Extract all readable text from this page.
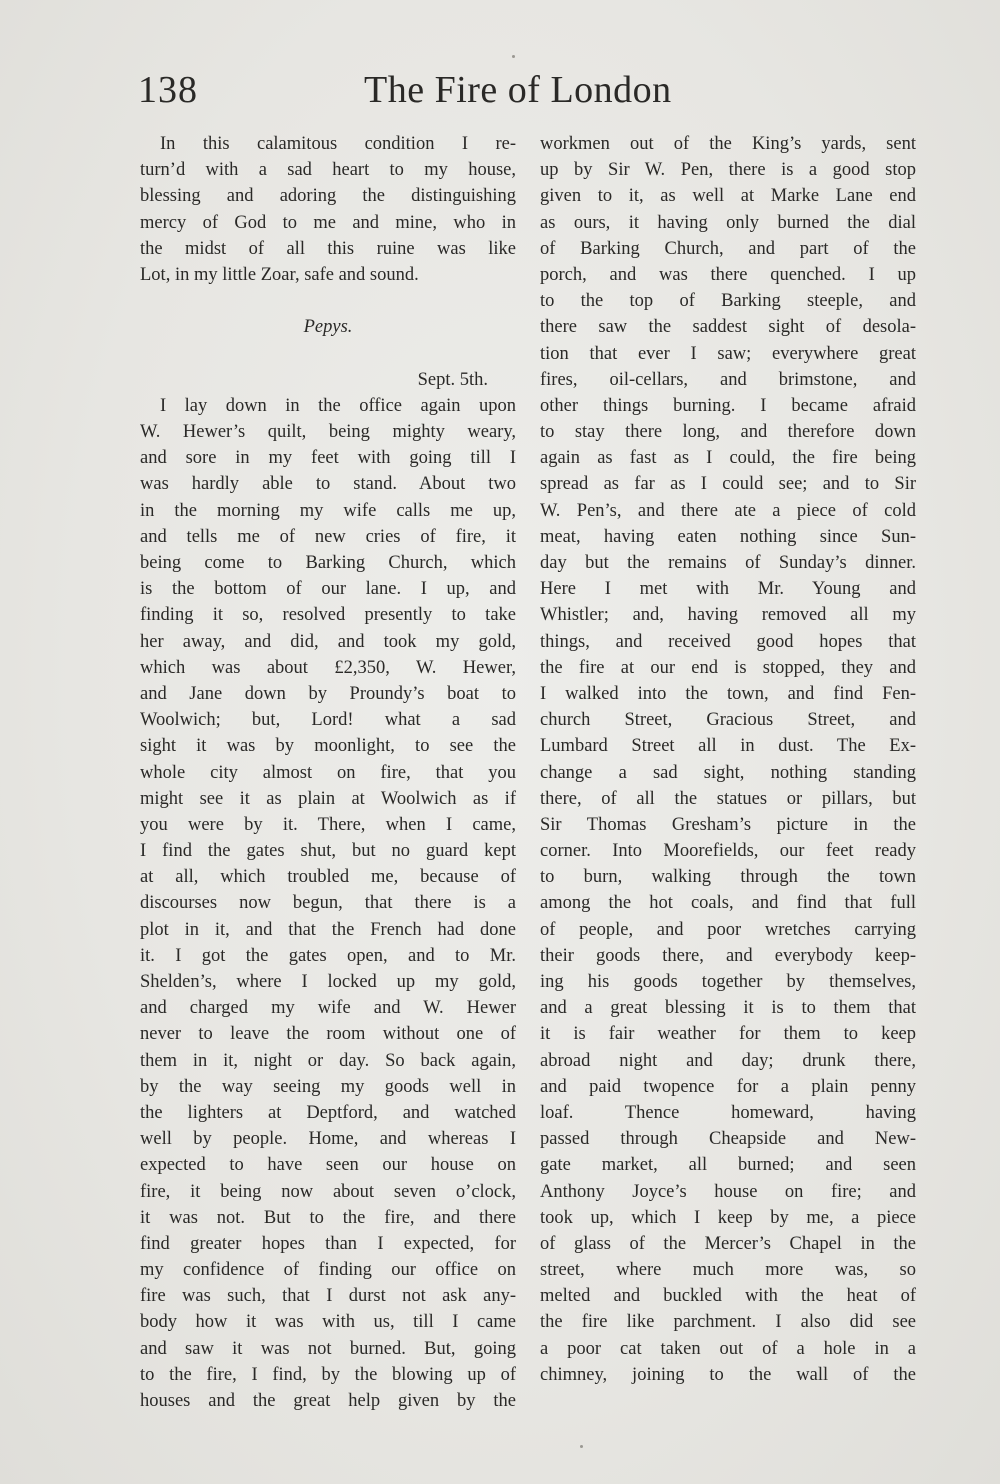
138	The Fire of London
In this calamitous condition I re-
turn’d with a sad heart to my house,
blessing and adoring the distinguishing
mercy of God to me and mine, who in
the midst of all this ruine was like
Lot, in my little Zoar, safe and sound.
Pepys.
Sept. 5th.
I lay down in the office again upon
W. Hewer’s quilt, being mighty weary,
and sore in my feet with going till I
was hardly able to stand. About two
in the morning my wife calls me up,
and tells me of new cries of fire, it
being come to Barking Church, which
is the bottom of our lane. I up, and
finding it so, resolved presently to take
her away, and did, and took my gold,
which was about £2,350, W. Hewer,
and Jane down by Proundy’s boat to
Woolwich; but, Lord! what a sad
sight it was by moonlight, to see the
whole city almost on fire, that you
might see it as plain at Woolwich as if
you were by it. There, when I came,
I find the gates shut, but no guard kept
at all, which troubled me, because of
discourses now begun, that there is a
plot in it, and that the French had done
it. I got the gates open, and to Mr.
Shelden’s, where I locked up my gold,
and charged my wife and W. Hewer
never to leave the room without one of
them in it, night or day. So back again,
by the way seeing my goods well in
the lighters at Deptford, and watched
well by people. Home, and whereas I
expected to have seen our house on
fire, it being now about seven o’clock,
it was not. But to the fire, and there
find greater hopes than I expected, for
my confidence of finding our office on
fire was such, that I durst not ask any-
body how it was with us, till I came
and saw it was not burned. But, going
to the fire, I find, by the blowing up of
houses and the great help given by the
workmen out of the King’s yards, sent
up by Sir W. Pen, there is a good stop
given to it, as well at Marke Lane end
as ours, it having only burned the dial
of Barking Church, and part of the
porch, and was there quenched. I up
to the top of Barking steeple, and
there saw the saddest sight of desola-
tion that ever I saw; everywhere great
fires, oil-cellars, and brimstone, and
other things burning. I became afraid
to stay there long, and therefore down
again as fast as I could, the fire being
spread as far as I could see; and to Sir
W. Pen’s, and there ate a piece of cold
meat, having eaten nothing since Sun-
day but the remains of Sunday’s dinner.
Here I met with Mr. Young and
Whistler; and, having removed all my
things, and received good hopes that
the fire at our end is stopped, they and
I walked into the town, and find Fen-
church Street, Gracious Street, and
Lumbard Street all in dust. The Ex-
change a sad sight, nothing standing
there, of all the statues or pillars, but
Sir Thomas Gresham’s picture in the
corner. Into Moorefields, our feet ready
to burn, walking through the town
among the hot coals, and find that full
of people, and poor wretches carrying
their goods there, and everybody keep-
ing his goods together by themselves,
and a great blessing it is to them that
it is fair weather for them to keep
abroad night and day; drunk there,
and paid twopence for a plain penny
loaf. Thence homeward, having
passed through Cheapside and New-
gate market, all burned; and seen
Anthony Joyce’s house on fire; and
took up, which I keep by me, a piece
of glass of the Mercer’s Chapel in the
street, where much more was, so
melted and buckled with the heat of
the fire like parchment. I also did see
a poor cat taken out of a hole in a
chimney, joining to the wall of the
